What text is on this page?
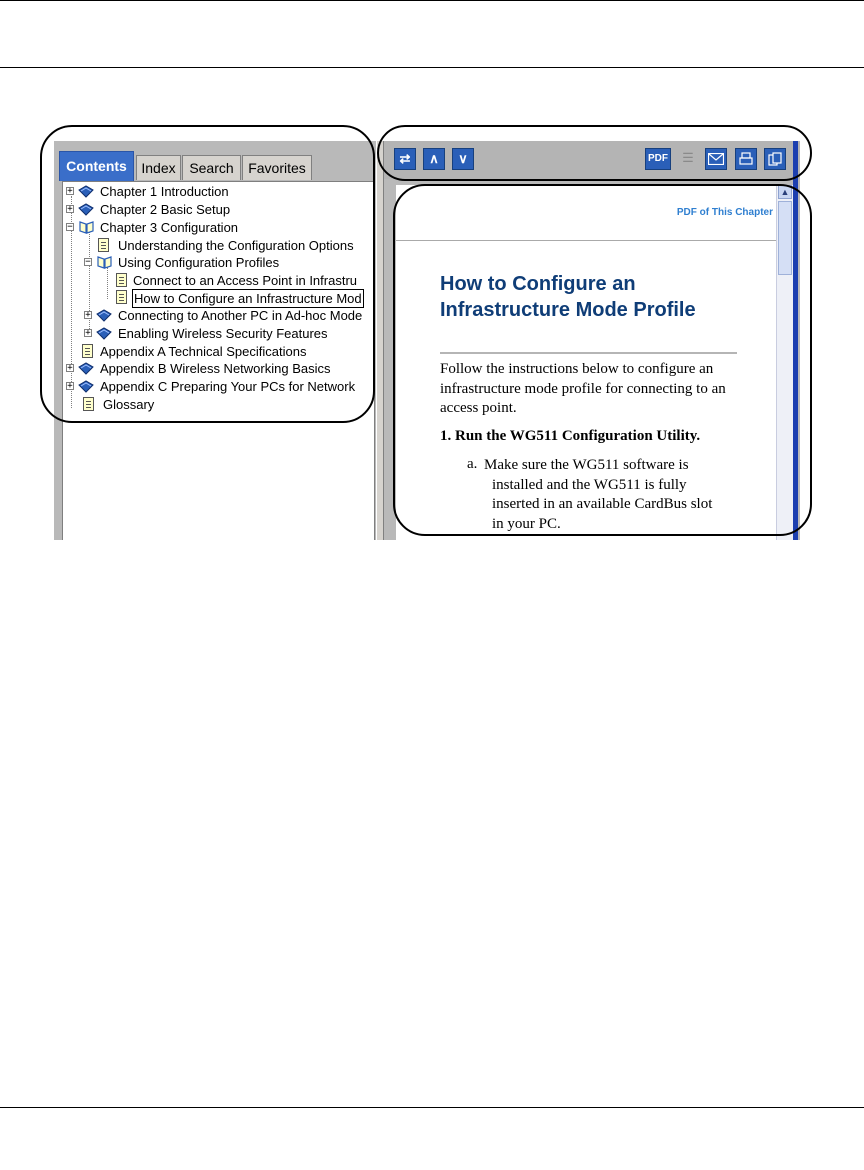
Contents	Index Search	Favorites
+ Chapter 1 Introduction
+ Chapter 2 Basic Setup
− Chapter 3 Configuration
Understanding the Configuration Options
− Using Configuration Profiles
Connect to an Access Point in Infrastru
How to Configure an Infrastructure Mod
+ Connecting to Another PC in Ad-hoc Mode
+ Enabling Wireless Security Features
Appendix A Technical Specifications
+ Appendix B Wireless Networking Basics
+ Appendix C Preparing Your PCs for Network
Glossary
⇄	∧	∨	PDF	☰
PDF of This Chapter
How to Configure an
Infrastructure Mode Profile
Follow the instructions below to configure an infrastructure mode profile for connecting to an access point.
1. Run the WG511 Configuration Utility.
a. Make sure the WG511 software is
installed and the WG511 is fully
inserted in an available CardBus slot
in your PC.
▲
